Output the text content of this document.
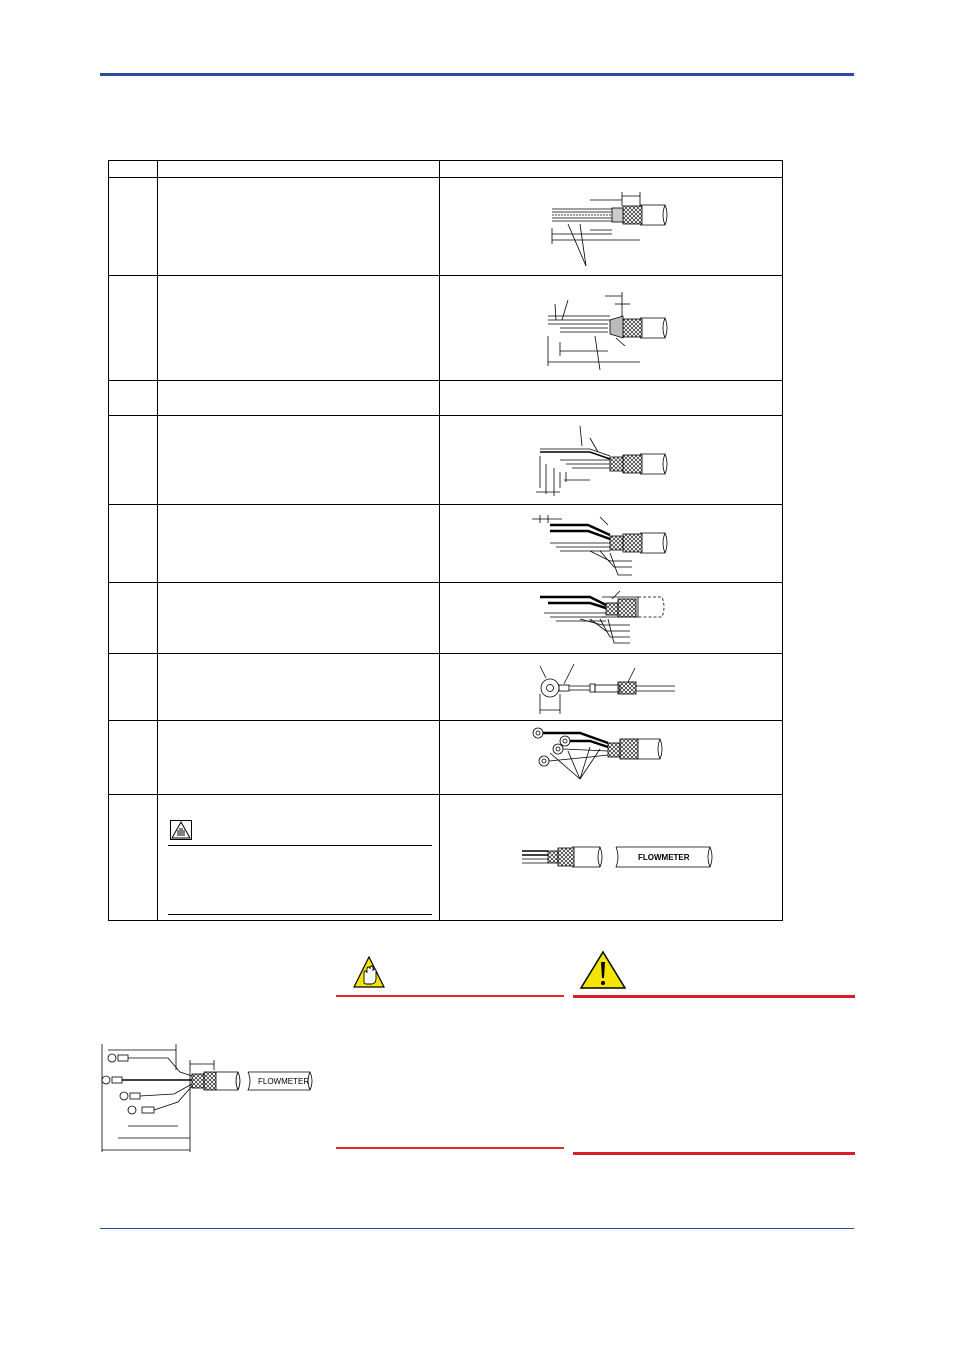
FLOWMETER
FLOWMETER
